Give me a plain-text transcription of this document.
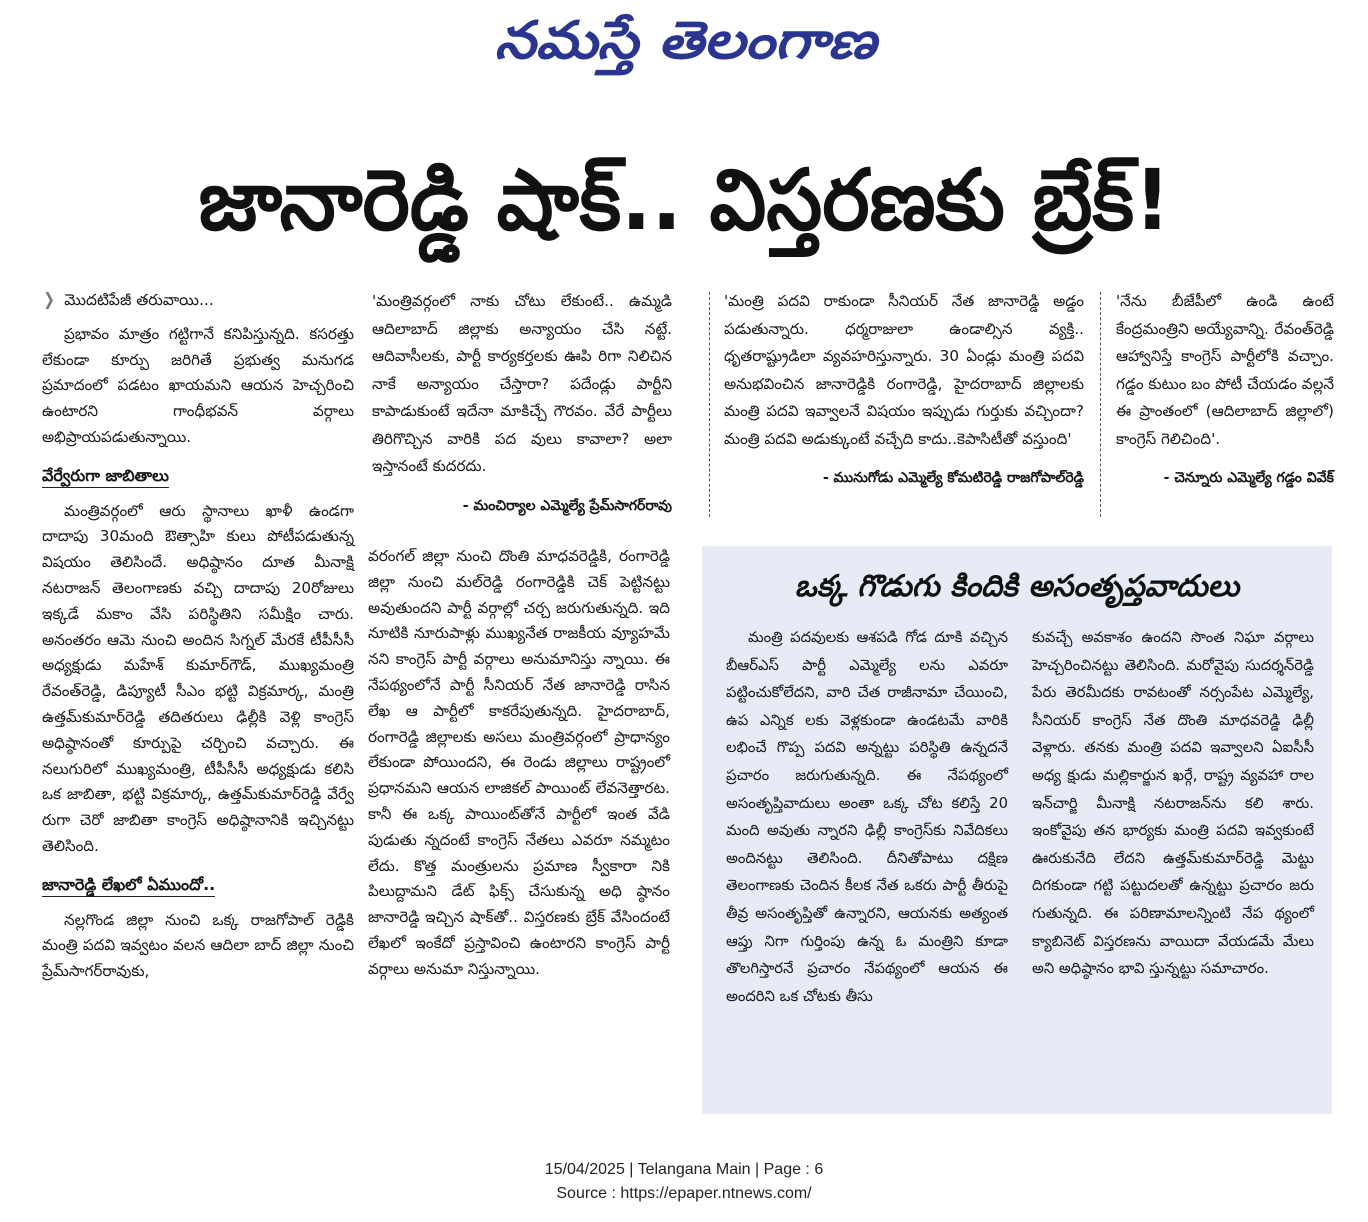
నమస్తే తెలంగాణ
జానారెడ్డి షాక్.. విస్తరణకు బ్రేక్!
❯ మొదటిపేజీ తరువాయి...

ప్రభావం మాత్రం గట్టిగానే కనిపిస్తున్నది. కసరత్తు లేకుండా కూర్పు జరిగితే ప్రభుత్వ మనుగడ ప్రమాదంలో పడటం ఖాయమని ఆయన హెచ్చరించి ఉంటారని గాంధీభవన్ వర్గాలు అభిప్రాయపడుతున్నాయి.

వేర్వేరుగా జాబితాలు

మంత్రివర్గంలో ఆరు స్థానాలు ఖాళీ ఉండగా దాదాపు 30మంది ఔత్సాహి కులు పోటీపడుతున్న విషయం తెలిసిందే. అధిష్ఠానం దూత మీనాక్షి నటరాజన్ తెలంగాణకు వచ్చి దాదాపు 20రోజులు ఇక్కడే మకాం వేసి పరిస్థితిని సమీక్షిం చారు. అనంతరం ఆమె నుంచి అందిన సిగ్నల్ మేరకే టీపీసీసీ అధ్యక్షుడు మహేశ్ కుమార్‌గౌడ్, ముఖ్యమంత్రి రేవంత్‌రెడ్డి, డిప్యూటీ సీఎం భట్టి విక్రమార్క, మంత్రి ఉత్తమ్‌కుమార్‌రెడ్డి తదితరులు ఢిల్లీకి వెళ్లి కాంగ్రెస్ అధిష్ఠానంతో కూర్పుపై చర్చించి వచ్చారు. ఈ నలుగురిలో ముఖ్యమంత్రి, టీపీసీసీ అధ్యక్షుడు కలిసి ఒక జాబితా, భట్టి విక్రమార్క, ఉత్తమ్‌కుమార్‌రెడ్డి వేర్వే రుగా చెరో జాబితా కాంగ్రెస్ అధిష్ఠానానికి ఇచ్చినట్టు తెలిసింది.

జానారెడ్డి లేఖలో ఏముందో..

నల్లగొండ జిల్లా నుంచి ఒక్క రాజగోపాల్ రెడ్డికి మంత్రి పదవి ఇవ్వటం వలన ఆదిలా బాద్ జిల్లా నుంచి ప్రేమ్‌సాగర్‌రావుకు,

వరంగల్ జిల్లా నుంచి దొంతి మాధవరెడ్డికి, రంగారెడ్డి జిల్లా నుంచి మల్‌రెడ్డి రంగారెడ్డికి చెక్ పెట్టినట్టు అవుతుందని పార్టీ వర్గాల్లో చర్చ జరుగుతున్నది. ఇది నూటికి నూరుపాళ్లు ముఖ్యనేత రాజకీయ వ్యూహమే నని కాంగ్రెస్ పార్టీ వర్గాలు అనుమానిస్తు న్నాయి. ఈ నేపథ్యంలోనే పార్టీ సీనియర్ నేత జానారెడ్డి రాసిన లేఖ ఆ పార్టీలో కాకరేపుతున్నది. హైదరాబాద్, రంగారెడ్డి జిల్లాలకు అసలు మంత్రివర్గంలో ప్రాధాన్యం లేకుండా పోయిందని, ఈ రెండు జిల్లాలు రాష్ట్రంలో ప్రధానమని ఆయన లాజికల్ పాయింట్ లేవనెత్తారట. కానీ ఈ ఒక్క పాయింట్‌తోనే పార్టీలో ఇంత వేడి పుడుతు న్నదంటే కాంగ్రెస్ నేతలు ఎవరూ నమ్మటం లేదు. కొత్త మంత్రులను ప్రమాణ స్వీకారా నికి పిలుద్దామని డేట్ ఫిక్స్ చేసుకున్న అధి ష్ఠానం జానారెడ్డి ఇచ్చిన షాక్‌తో.. విస్తరణకు బ్రేక్ వేసిందంటే లేఖలో ఇంకేదో ప్రస్తావించి ఉంటారని కాంగ్రెస్ పార్టీ వర్గాలు అనుమా నిస్తున్నాయి.

'మంత్రివర్గంలో నాకు చోటు లేకుంటే.. ఉమ్మడి ఆదిలాబాద్ జిల్లాకు అన్యాయం చేసి నట్టే. ఆదివాసీలకు, పార్టీ కార్యకర్తలకు ఊపి రిగా నిలిచిన నాకే అన్యాయం చేస్తారా? పదేండ్లు పార్టీని కాపాడుకుంటే ఇదేనా మాకిచ్చే గౌరవం. వేరే పార్టీలు తిరిగొచ్చిన వారికి పద వులు కావాలా? అలా ఇస్తానంటే కుదరదు.
- మంచిర్యాల ఎమ్మెల్యే ప్రేమ్‌సాగర్‌రావు
'మంత్రి పదవి రాకుండా సీనియర్ నేత జానారెడ్డి అడ్డం పడుతున్నారు. ధర్మరాజులా ఉండాల్సిన వ్యక్తి.. ధృతరాష్ట్రుడిలా వ్యవహరిస్తున్నారు. 30 ఏండ్లు మంత్రి పదవి అనుభవించిన జానారెడ్డికి రంగారెడ్డి, హైదరాబాద్ జిల్లాలకు మంత్రి పదవి ఇవ్వాలనే విషయం ఇప్పుడు గుర్తుకు వచ్చిందా? మంత్రి పదవి అడుక్కుంటే వచ్చేది కాదు..కెపాసిటీతో వస్తుంది'
- మునుగోడు ఎమ్మెల్యే కోమటిరెడ్డి రాజగోపాల్‌రెడ్డి
'నేను బీజేపీలో ఉండి ఉంటే కేంద్రమంత్రిని అయ్యేవాన్ని. రేవంత్‌రెడ్డి ఆహ్వానిస్తే కాంగ్రెస్ పార్టీలోకి వచ్చాం. గడ్డం కుటుం బం పోటీ చేయడం వల్లనే ఈ ప్రాంతంలో (ఆదిలాబాద్ జిల్లాలో) కాంగ్రెస్ గెలిచింది'.
- చెన్నూరు ఎమ్మెల్యే గడ్డం వివేక్
ఒక్క గొడుగు కిందికి అసంతృప్తవాదులు

మంత్రి పదవులకు ఆశపడి గోడ దూకి వచ్చిన బీఆర్‌ఎస్ పార్టీ ఎమ్మెల్యే లను ఎవరూ పట్టించుకోలేదని, వారి చేత రాజీనామా చేయించి, ఉప ఎన్నిక లకు వెళ్లకుండా ఉండటమే వారికి లభించే గొప్ప పదవి అన్నట్టు పరిస్థితి ఉన్నదనే ప్రచారం జరుగుతున్నది. ఈ నేపథ్యంలో అసంతృప్తివాదులు అంతా ఒక్క చోట కలిస్తే 20 మంది అవుతు న్నారని ఢిల్లీ కాంగ్రెస్‌కు నివేదికలు అందినట్టు తెలిసింది. దీనితోపాటు దక్షిణ తెలంగాణకు చెందిన కీలక నేత ఒకరు పార్టీ తీరుపై తీవ్ర అసంతృప్తితో ఉన్నారని, ఆయనకు అత్యంత ఆప్తు నిగా గుర్తింపు ఉన్న ఓ మంత్రిని కూడా తొలగిస్తారనే ప్రచారం నేపథ్యంలో ఆయన ఈ అందరిని ఒక చోటకు తీసు

కువచ్చే అవకాశం ఉందని సొంత నిఘా వర్గాలు హెచ్చరించినట్టు తెలిసింది. మరోవైపు సుదర్శన్‌రెడ్డి పేరు తెరమీదకు రావటంతో నర్సంపేట ఎమ్మెల్యే, సీనియర్ కాంగ్రెస్ నేత దొంతి మాధవరెడ్డి ఢిల్లీ వెళ్లారు. తనకు మంత్రి పదవి ఇవ్వాలని ఏఐసీసీ అధ్య క్షుడు మల్లికార్జున ఖర్గే, రాష్ట్ర వ్యవహా రాల ఇన్‌చార్జి మీనాక్షి నటరాజన్‌ను కలి శారు. ఇంకోవైపు తన భార్యకు మంత్రి పదవి ఇవ్వకుంటే ఊరుకునేది లేదని ఉత్తమ్‌కుమార్‌రెడ్డి మెట్టు దిగకుండా గట్టి పట్టుదలతో ఉన్నట్టు ప్రచారం జరు గుతున్నది. ఈ పరిణామాలన్నింటి నేప థ్యంలో క్యాబినెట్ విస్తరణను వాయిదా వేయడమే మేలు అని అధిష్ఠానం భావి స్తున్నట్టు సమాచారం.

15/04/2025 | Telangana Main | Page : 6
Source : https://epaper.ntnews.com/
